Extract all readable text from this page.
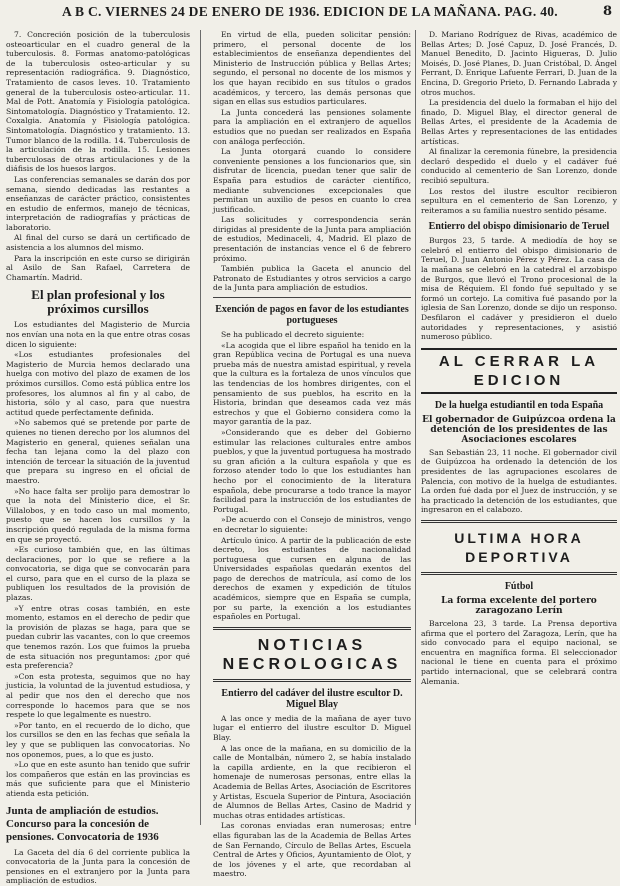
A B C. VIERNES 24 DE ENERO DE 1936. EDICION DE LA MAÑANA. PAG. 40.	8

7. Concreción posición de la tuberculosis osteoarticular en el cuadro general de la tuberculosis. 8. Formas anatomo-patológicas de la tuberculosis osteo-articular y su representación radiográfica. 9. Diagnóstico, Tratamiento de casos leves. 10. Tratamiento general de la tuberculosis osteo-articular. 11. Mal de Pott. Anatomía y Fisiología patológica. Sintomatología. Diagnóstico y Tratamiento. 12. Coxalgia. Anatomía y Fisiología patológica. Sintomatología. Diagnóstico y tratamiento. 13. Tumor blanco de la rodilla. 14. Tuberculosis de la articulación de la rodilla. 15. Lesiones tuberculosas de otras articulaciones y de la diáfisis de los huesos largos.

Las conferencias semanales se darán dos por semana, siendo dedicadas las restantes a enseñanzas de carácter práctico, consistentes en estudio de enfermos, manejo de técnicas, interpretación de radiografías y prácticas de laboratorio.

Al final del curso se dará un certificado de asistencia a los alumnos del mismo.

Para la inscripción en este curso se dirigirán al Asilo de San Rafael, Carretera de Chamartín. Madrid.

El plan profesional y los próximos cursillos

Los estudiantes del Magisterio de Murcia nos envían una nota en la que entre otras cosas dicen lo siguiente:

«Los estudiantes profesionales del Magisterio de Murcia hemos declarado una huelga con motivo del plazo de examen de los próximos cursillos. Como está pública entre los profesores, los alumnos al fin y al cabo, de historia, sólo y al caso, para que nuestra actitud quede perfectamente definida.

»No sabemos qué se pretende por parte de quienes no tienen derecho por los alumnos del Magisterio en general, quienes señalan una fecha tan lejana como la del plazo con intención de tercear la situación de la juventud que prepara su ingreso en el oficial de maestro.

»No hace falta ser prolijo para demostrar lo que la nota del Ministerio dice, el Sr. Villalobos, y en todo caso un mal momento, puesto que se hacen los cursillos y la inscripción quedó regulada de la misma forma en que se proyectó.

»Es curioso también que, en las últimas declaraciones, por lo que se refiere a la convocatoria, se diga que se convocarán para el curso, para que en el curso de la plaza se publiquen los resultados de la provisión de plazas.

»Y entre otras cosas también, en este momento, estamos en el derecho de pedir que la provisión de plazas se haga, para que se puedan cubrir las vacantes, con lo que creemos que tenemos razón. Los que fuimos la prueba de esta situación nos preguntamos: ¿por qué esta preferencia?

»Con esta protesta, seguimos que no hay justicia, la voluntad de la juventud estudiosa, y al pedir que nos den el derecho que nos corresponde lo hacemos para que se nos respete lo que legalmente es nuestro.

»Por tanto, en el recuerdo de lo dicho, que los cursillos se den en las fechas que señala la ley y que se publiquen las convocatorias. No nos oponemos, pues, a lo que es justo.

»Lo que en este asunto han tenido que sufrir los compañeros que están en las provincias es más que suficiente para que el Ministerio atienda esta petición.

Junta de ampliación de estudios. Concurso para la concesión de pensiones. Convocatoria de 1936

La Gaceta del día 6 del corriente publica la convocatoria de la Junta para la concesión de pensiones en el extranjero por la Junta para ampliación de estudios.

En virtud de ella, pueden solicitar pensión: primero, el personal docente de los establecimientos de enseñanza dependientes del Ministerio de Instrucción pública y Bellas Artes; segundo, el personal no docente de los mismos y los que hayan recibido en sus títulos o grados académicos, y tercero, las demás personas que sigan en ellas sus estudios particulares.

La Junta concederá las pensiones solamente para la ampliación en el extranjero de aquellos estudios que no puedan ser realizados en España con análoga perfección.

La Junta otorgará cuando lo considere conveniente pensiones a los funcionarios que, sin disfrutar de licencia, puedan tener que salir de España para estudios de carácter científico, mediante subvenciones excepcionales que permitan un auxilio de pesos en cuanto lo crea justificado.

Las solicitudes y correspondencia serán dirigidas al presidente de la Junta para ampliación de estudios, Medinaceli, 4, Madrid. El plazo de presentación de instancias vence el 6 de febrero próximo.

También publica la Gaceta el anuncio del Patronato de Estudiantes y otros servicios a cargo de la Junta para ampliación de estudios.

Exención de pagos en favor de los estudiantes portugueses

Se ha publicado el decreto siguiente:

«La acogida que el libre español ha tenido en la gran República vecina de Portugal es una nueva prueba más de nuestra amistad espiritual, y revela que la cultura es la fortaleza de unos vínculos que las tendencias de los hombres dirigentes, con el pensamiento de sus pueblos, ha escrito en la Historia, brindan que deseamos cada vez más estrechos y que el Gobierno considera como la mayor garantía de la paz.

»Considerando que es deber del Gobierno estimular las relaciones culturales entre ambos pueblos, y que la juventud portuguesa ha mostrado su gran afición a la cultura española y que es forzoso atender todo lo que los estudiantes han hecho por el conocimiento de la literatura española, debe procurarse a todo trance la mayor facilidad para la instrucción de los estudiantes de Portugal.

»De acuerdo con el Consejo de ministros, vengo en decretar lo siguiente:

Artículo único. A partir de la publicación de este decreto, los estudiantes de nacionalidad portuguesa que cursen en alguna de las Universidades españolas quedarán exentos del pago de derechos de matrícula, así como de los derechos de examen y expedición de títulos académicos, siempre que en España se cumpla, por su parte, la exención a los estudiantes españoles en Portugal.

NOTICIAS NECROLOGICAS
Entierro del cadáver del ilustre escultor D. Miguel Blay

A las once y media de la mañana de ayer tuvo lugar el entierro del ilustre escultor D. Miguel Blay.

A las once de la mañana, en su domicilio de la calle de Montalbán, número 2, se había instalado la capilla ardiente, en la que recibieron el homenaje de numerosas personas, entre ellas la Academia de Bellas Artes, Asociación de Escritores y Artistas, Escuela Superior de Pintura, Asociación de Alumnos de Bellas Artes, Casino de Madrid y muchas otras entidades artísticas.

Las coronas enviadas eran numerosas; entre ellas figuraban las de la Academia de Bellas Artes de San Fernando, Círculo de Bellas Artes, Escuela Central de Artes y Oficios, Ayuntamiento de Olot, y de los jóvenes y el arte, que recordaban al maestro.

D. Mariano Rodríguez de Rivas, académico de Bellas Artes; D. José Capuz, D. José Francés, D. Manuel Benedito, D. Jacinto Higueras, D. Julio Moisés, D. José Planes, D. Juan Cristóbal, D. Ángel Ferrant, D. Enrique Lafuente Ferrari, D. Juan de la Encina, D. Gregorio Prieto, D. Fernando Labrada y otros muchos.

La presidencia del duelo la formaban el hijo del finado, D. Miguel Blay, el director general de Bellas Artes, el presidente de la Academia de Bellas Artes y representaciones de las entidades artísticas.

Al finalizar la ceremonia fúnebre, la presidencia declaró despedido el duelo y el cadáver fué conducido al cementerio de San Lorenzo, donde recibió sepultura.

Los restos del ilustre escultor recibieron sepultura en el cementerio de San Lorenzo, y reiteramos a su familia nuestro sentido pésame.

Entierro del obispo dimisionario de Teruel

Burgos 23, 5 tarde. A mediodía de hoy se celebró el entierro del obispo dimisionario de Teruel, D. Juan Antonio Pérez y Pérez. La casa de la mañana se celebró en la catedral el arzobispo de Burgos, que llevó el Trono procesional de la misa de Réquiem. El fondo fué sepultado y se formó un cortejo. La comitiva fué pasando por la iglesia de San Lorenzo, donde se dijo un responso. Desfilaron el cadáver y presidieron el duelo autoridades y representaciones, y asistió numeroso público.

AL CERRAR LA EDICION
De la huelga estudiantil en toda España
El gobernador de Guipúzcoa ordena la detención de los presidentes de las Asociaciones escolares

San Sebastián 23, 11 noche. El gobernador civil de Guipúzcoa ha ordenado la detención de los presidentes de las agrupaciones escolares de Palencia, con motivo de la huelga de estudiantes. La orden fué dada por el Juez de instrucción, y se ha practicado la detención de los estudiantes, que ingresaron en el calabozo.

ULTIMA HORA DEPORTIVA
Fútbol
La forma excelente del portero zaragozano Lerín

Barcelona 23, 3 tarde. La Prensa deportiva afirma que el portero del Zaragoza, Lerín, que ha sido convocado para el equipo nacional, se encuentra en magnífica forma. El seleccionador nacional le tiene en cuenta para el próximo partido internacional, que se celebrará contra Alemania.
